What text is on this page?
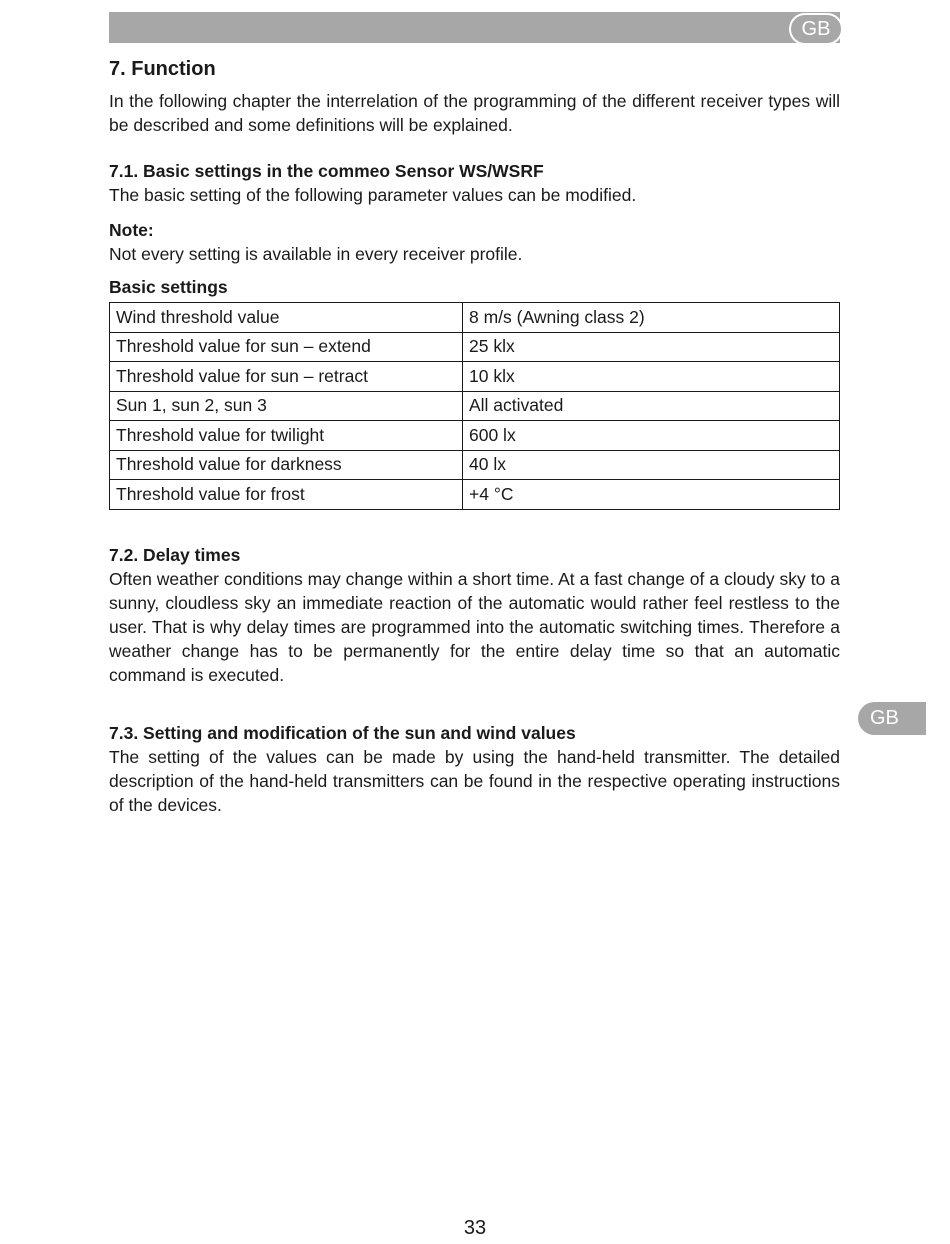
GB
GB
7. Function

In the following chapter the interrelation of the programming of the different receiver types will be described and some definitions will be explained.

7.1. Basic settings in the commeo Sensor WS/WSRF

The basic setting of the following parameter values can be modified.

Note:

Not every setting is available in every receiver profile.

Basic settings
Wind threshold value	8 m/s (Awning class 2)
Threshold value for sun – extend	25 klx
Threshold value for sun – retract	10 klx
Sun 1, sun 2, sun 3	All activated
Threshold value for twilight	600 lx
Threshold value for darkness	40 lx
Threshold value for frost	+4 °C
7.2. Delay times

Often weather conditions may change within a short time. At a fast change of a cloudy sky to a sunny, cloudless sky an immediate reaction of the automatic would rather feel restless to the user. That is why delay times are programmed into the automatic switching times. Therefore a weather change has to be permanently for the entire delay time so that an automatic command is executed.

7.3. Setting and modification of the sun and wind values

The setting of the values can be made by using the hand-held transmitter. The detailed description of the hand-held transmitters can be found in the respective operating instructions of the devices.

33
